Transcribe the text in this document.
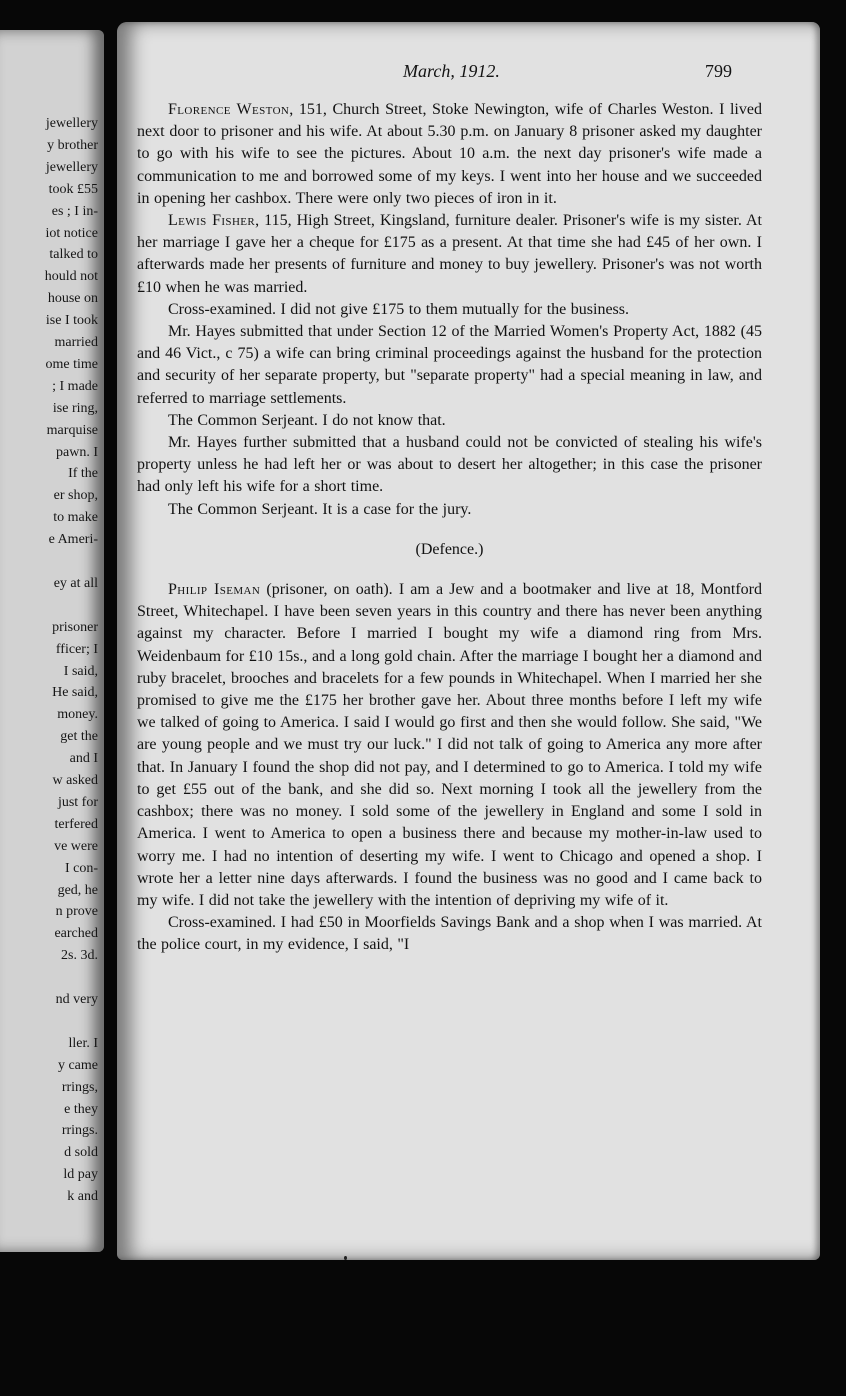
jewellery
y brother
jewellery
took £55
es ; I in-
iot notice
talked to
hould not
house on
ise I took
married
ome time
; I made
ise ring,
marquise
pawn. I
If the
er shop,
to make
e Ameri-
ey at all
prisoner
fficer; I
I said,
He said,
money.
get the
and I
w asked
just for
terfered
ve were
I con-
ged, he
n prove
earched
2s. 3d.
nd very
ller. I
y came
rrings,
e they
rrings.
d sold
ld pay
k and
March, 1912.	799

Florence Weston, 151, Church Street, Stoke Newington, wife of Charles Weston. I lived next door to prisoner and his wife. At about 5.30 p.m. on January 8 prisoner asked my daughter to go with his wife to see the pictures. About 10 a.m. the next day prisoner's wife made a communication to me and borrowed some of my keys. I went into her house and we succeeded in opening her cashbox. There were only two pieces of iron in it.

Lewis Fisher, 115, High Street, Kingsland, furniture dealer. Prisoner's wife is my sister. At her marriage I gave her a cheque for £175 as a present. At that time she had £45 of her own. I afterwards made her presents of furniture and money to buy jewellery. Prisoner's was not worth £10 when he was married.

Cross-examined. I did not give £175 to them mutually for the business.

Mr. Hayes submitted that under Section 12 of the Married Women's Property Act, 1882 (45 and 46 Vict., c 75) a wife can bring criminal proceedings against the husband for the protection and security of her separate property, but "separate property" had a special meaning in law, and referred to marriage settlements.

The Common Serjeant. I do not know that.

Mr. Hayes further submitted that a husband could not be convicted of stealing his wife's property unless he had left her or was about to desert her altogether; in this case the prisoner had only left his wife for a short time.

The Common Serjeant. It is a case for the jury.

(Defence.)

Philip Iseman (prisoner, on oath). I am a Jew and a bootmaker and live at 18, Montford Street, Whitechapel. I have been seven years in this country and there has never been anything against my character. Before I married I bought my wife a diamond ring from Mrs. Weidenbaum for £10 15s., and a long gold chain. After the marriage I bought her a diamond and ruby bracelet, brooches and bracelets for a few pounds in Whitechapel. When I married her she promised to give me the £175 her brother gave her. About three months before I left my wife we talked of going to America. I said I would go first and then she would follow. She said, "We are young people and we must try our luck." I did not talk of going to America any more after that. In January I found the shop did not pay, and I determined to go to America. I told my wife to get £55 out of the bank, and she did so. Next morning I took all the jewellery from the cashbox; there was no money. I sold some of the jewellery in England and some I sold in America. I went to America to open a business there and because my mother-in-law used to worry me. I had no intention of deserting my wife. I went to Chicago and opened a shop. I wrote her a letter nine days afterwards. I found the business was no good and I came back to my wife. I did not take the jewellery with the intention of depriving my wife of it.

Cross-examined. I had £50 in Moorfields Savings Bank and a shop when I was married. At the police court, in my evidence, I said, "I
